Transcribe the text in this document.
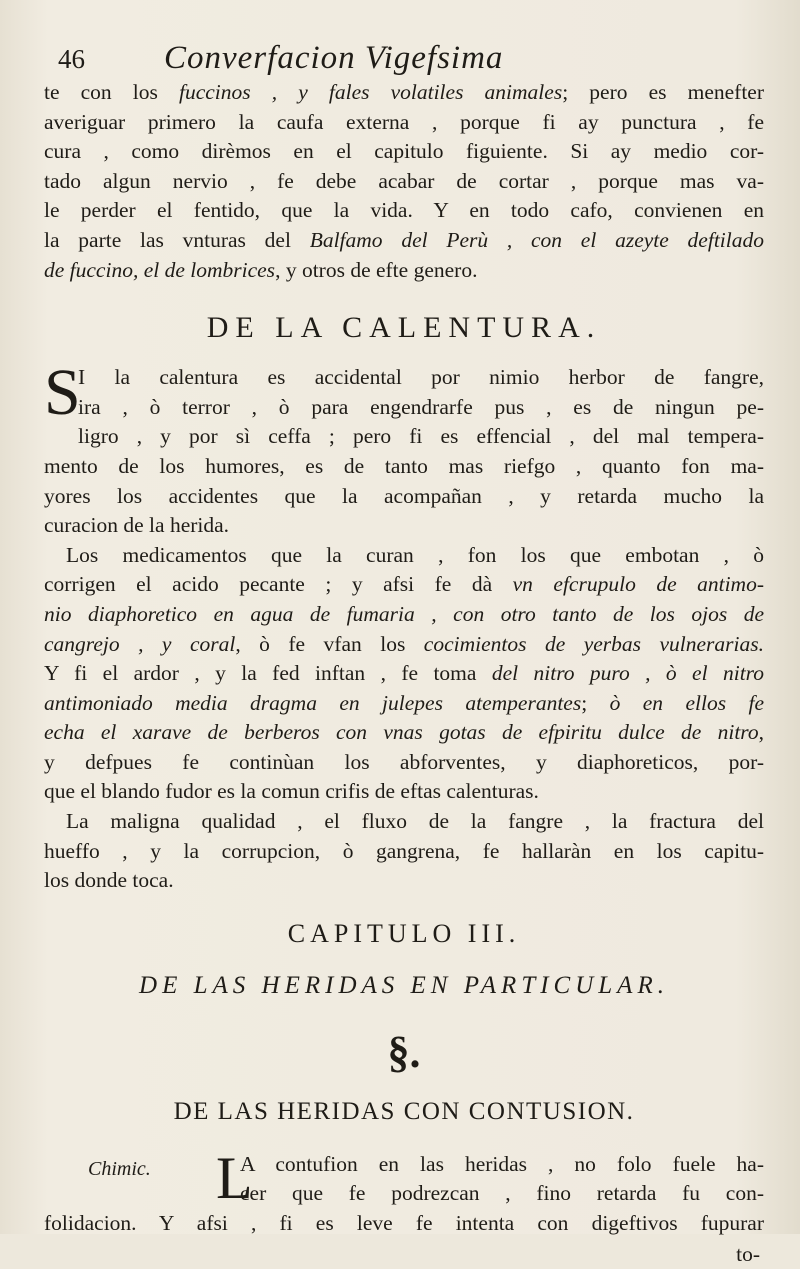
46	Converfacion Vigefsima
te con los fuccinos , y fales volatiles animales; pero es menefter
averiguar primero la caufa externa , porque fi ay punctura , fe
cura , como dirèmos en el capitulo figuiente. Si ay medio cor-
tado algun nervio , fe debe acabar de cortar , porque mas va-
le perder el fentido, que la vida. Y en todo cafo, convienen en
la parte las vnturas del Balfamo del Perù , con el azeyte deftilado
de fuccino, el de lombrices, y otros de efte genero.
DE LA CALENTURA.
S
I la calentura es accidental por nimio herbor de fangre,
ira , ò terror , ò para engendrarfe pus , es de ningun pe-
ligro , y por sì ceffa ; pero fi es effencial , del mal tempera-
mento de los humores, es de tanto mas riefgo , quanto fon ma-
yores los accidentes que la acompañan , y retarda mucho la
curacion de la herida.
Los medicamentos que la curan , fon los que embotan , ò
corrigen el acido pecante ; y afsi fe dà vn efcrupulo de antimo-
nio diaphoretico en agua de fumaria , con otro tanto de los ojos de
cangrejo , y coral, ò fe vfan los cocimientos de yerbas vulnerarias.
Y fi el ardor , y la fed inftan , fe toma del nitro puro , ò el nitro
antimoniado media dragma en julepes atemperantes; ò en ellos fe
echa el xarave de berberos con vnas gotas de efpiritu dulce de nitro,
y defpues fe continùan los abforventes, y diaphoreticos, por-
que el blando fudor es la comun crifis de eftas calenturas.
La maligna qualidad , el fluxo de la fangre , la fractura del
hueffo , y la corrupcion, ò gangrena, fe hallaràn en los capitu-
los donde toca.
CAPITULO III.
DE LAS HERIDAS EN PARTICULAR.
§.
DE LAS HERIDAS CON CONTUSION.
Chimic. L
A contufion en las heridas , no folo fuele ha-
cer que fe podrezcan , fino retarda fu con-
folidacion. Y afsi , fi es leve fe intenta con digeftivos fupurar
to-
